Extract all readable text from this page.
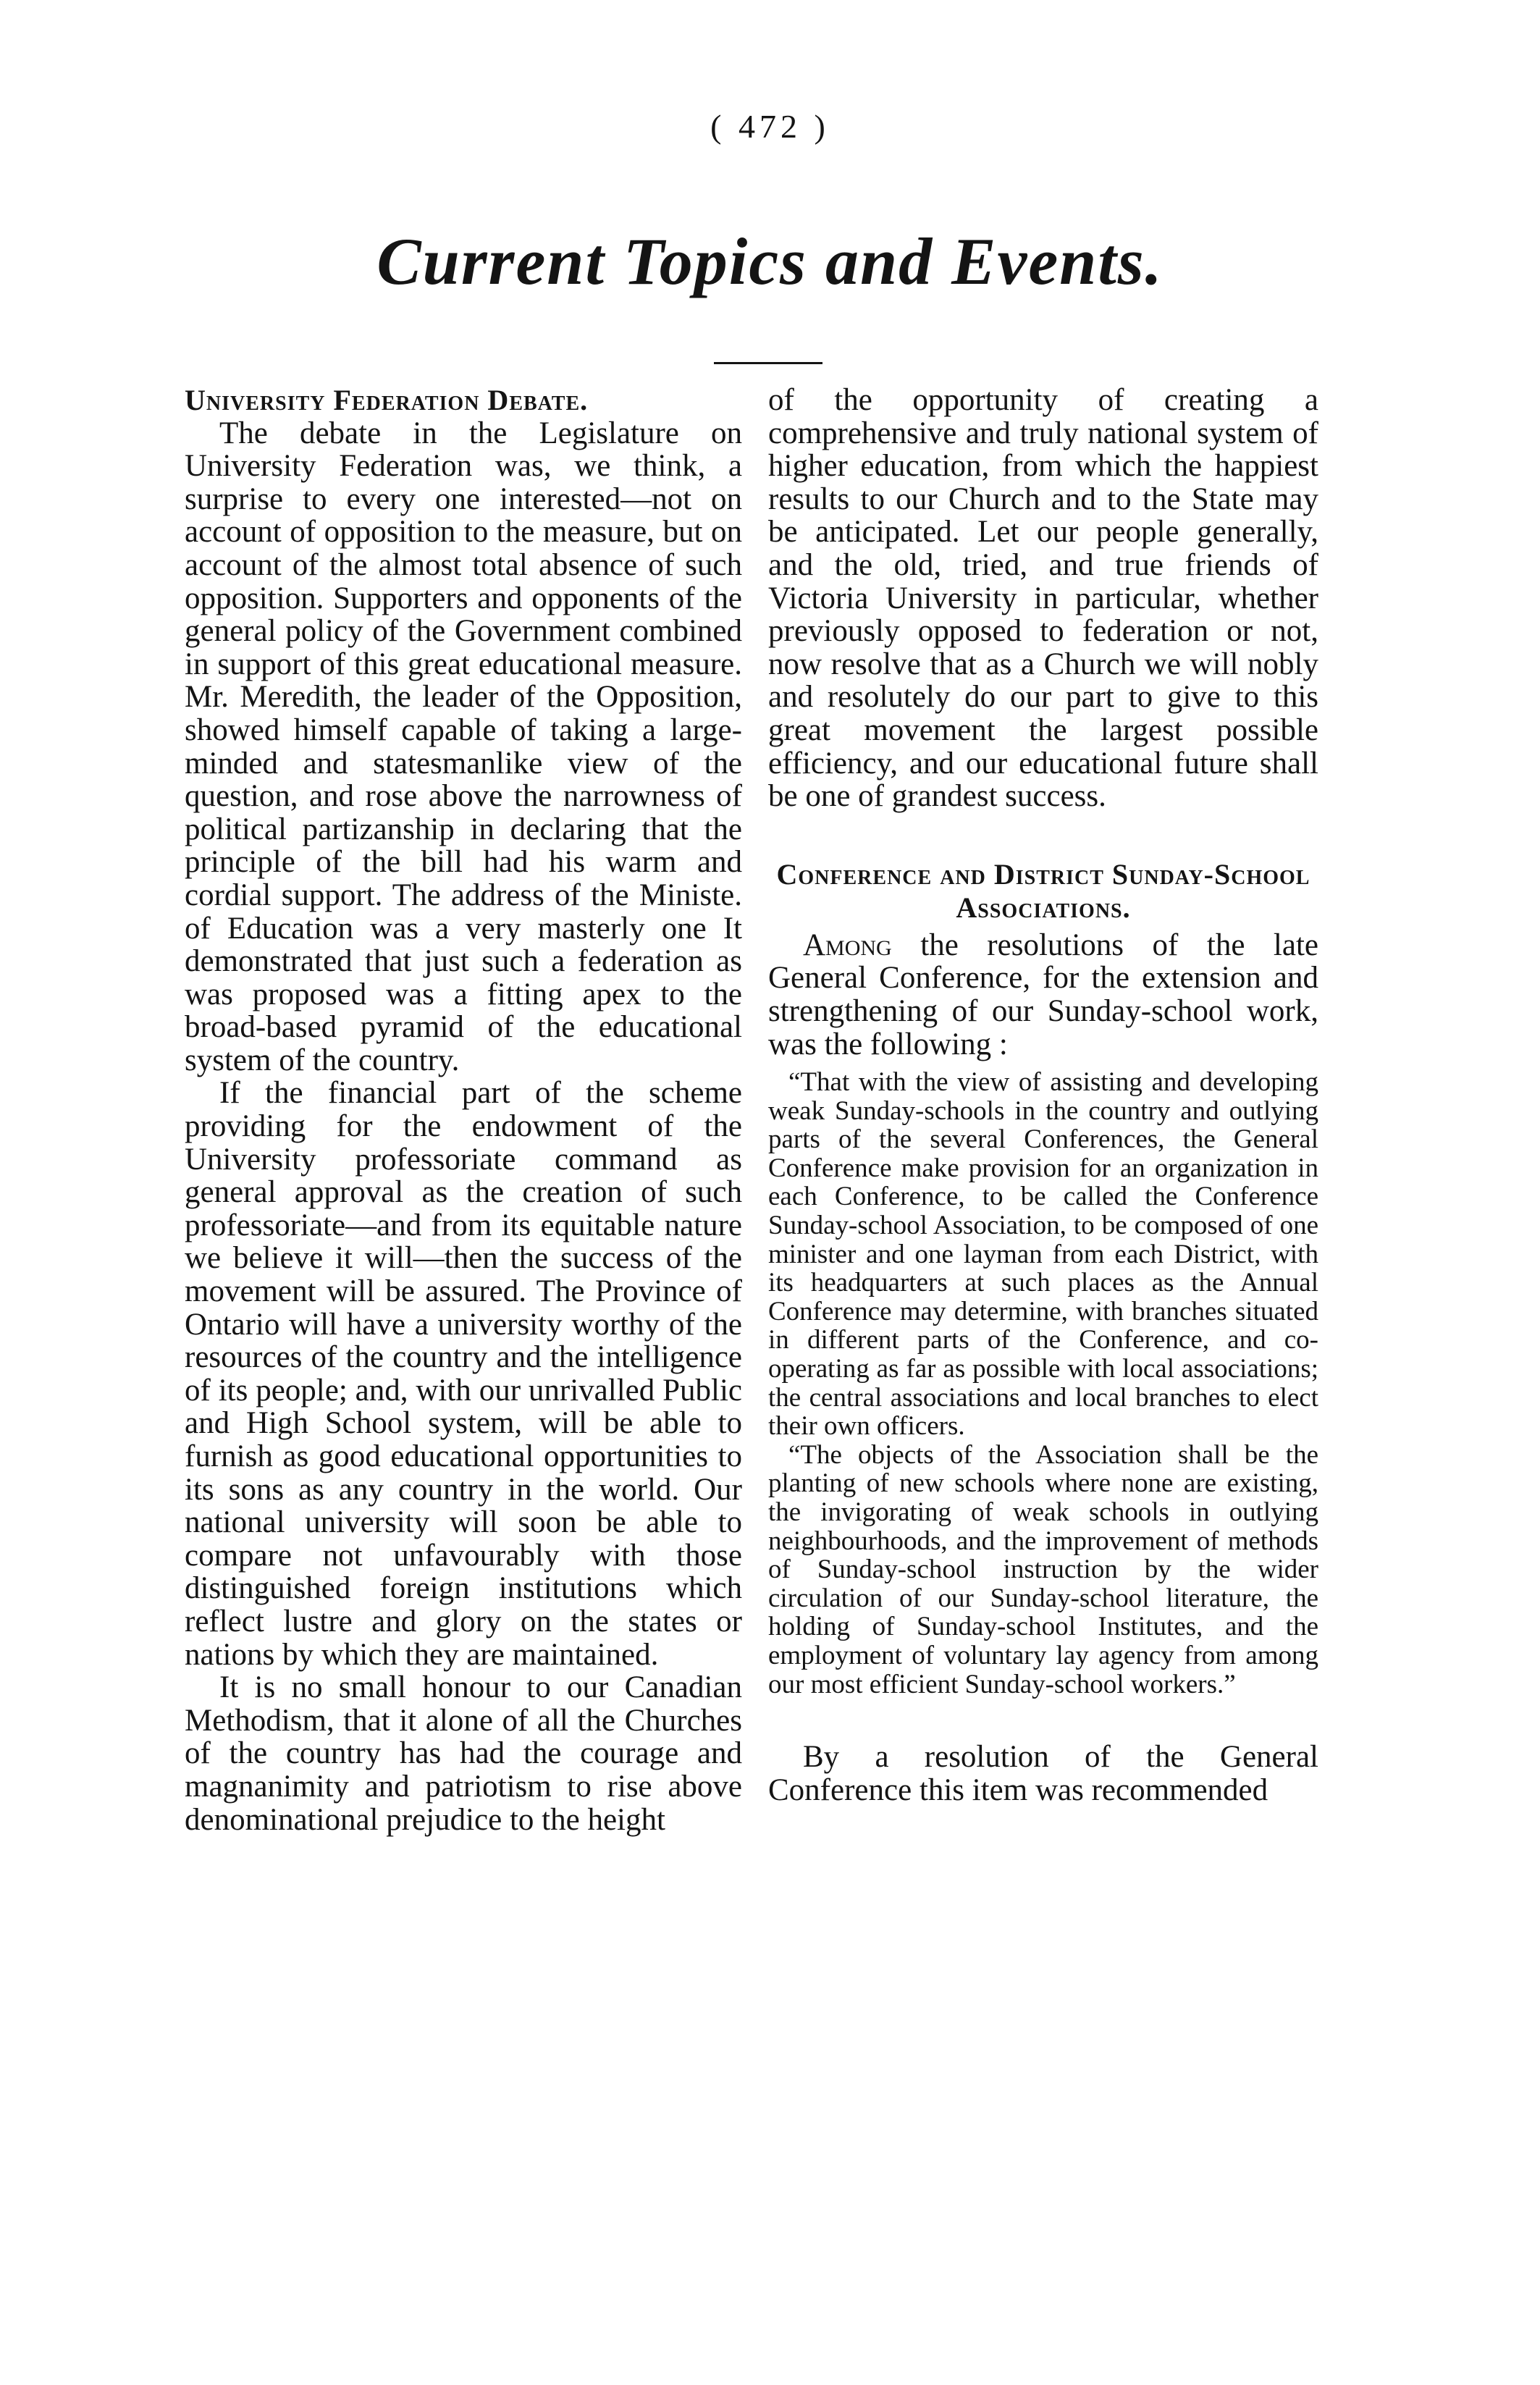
( 472 )
Current Topics and Events.
University Federation Debate.

The debate in the Legislature on University Federation was, we think, a surprise to every one interested—not on account of opposition to the measure, but on account of the almost total absence of such opposition. Supporters and opponents of the general policy of the Government combined in support of this great educational measure. Mr. Meredith, the leader of the Opposition, showed himself capable of taking a large-minded and statesmanlike view of the question, and rose above the narrowness of political partizanship in declaring that the principle of the bill had his warm and cordial support. The address of the Ministe. of Education was a very masterly one It demonstrated that just such a federation as was proposed was a fitting apex to the broad-based pyramid of the educational system of the country.

If the financial part of the scheme providing for the endowment of the University professoriate command as general approval as the creation of such professoriate—and from its equitable nature we believe it will—then the success of the movement will be assured. The Province of Ontario will have a university worthy of the resources of the country and the intelligence of its people; and, with our unrivalled Public and High School system, will be able to furnish as good educational opportunities to its sons as any country in the world. Our national university will soon be able to compare not unfavourably with those distinguished foreign institutions which reflect lustre and glory on the states or nations by which they are maintained.

It is no small honour to our Canadian Methodism, that it alone of all the Churches of the country has had the courage and magnanimity and patriotism to rise above denominational prejudice to the height

of the opportunity of creating a comprehensive and truly national system of higher education, from which the happiest results to our Church and to the State may be anticipated. Let our people generally, and the old, tried, and true friends of Victoria University in particular, whether previously opposed to federation or not, now resolve that as a Church we will nobly and resolutely do our part to give to this great movement the largest possible efficiency, and our educational future shall be one of grandest success.

Conference and District Sunday-School Associations.

Among the resolutions of the late General Conference, for the extension and strengthening of our Sunday-school work, was the following :

“That with the view of assisting and developing weak Sunday-schools in the country and outlying parts of the several Conferences, the General Conference make provision for an organization in each Conference, to be called the Conference Sunday-school Association, to be composed of one minister and one layman from each District, with its headquarters at such places as the Annual Conference may determine, with branches situated in different parts of the Conference, and co-operating as far as possible with local associations; the central associations and local branches to elect their own officers.

“The objects of the Association shall be the planting of new schools where none are existing, the invigorating of weak schools in outlying neighbourhoods, and the improvement of methods of Sunday-school instruction by the wider circulation of our Sunday-school literature, the holding of Sunday-school Institutes, and the employment of voluntary lay agency from among our most efficient Sunday-school workers.”

By a resolution of the General Conference this item was recommended
